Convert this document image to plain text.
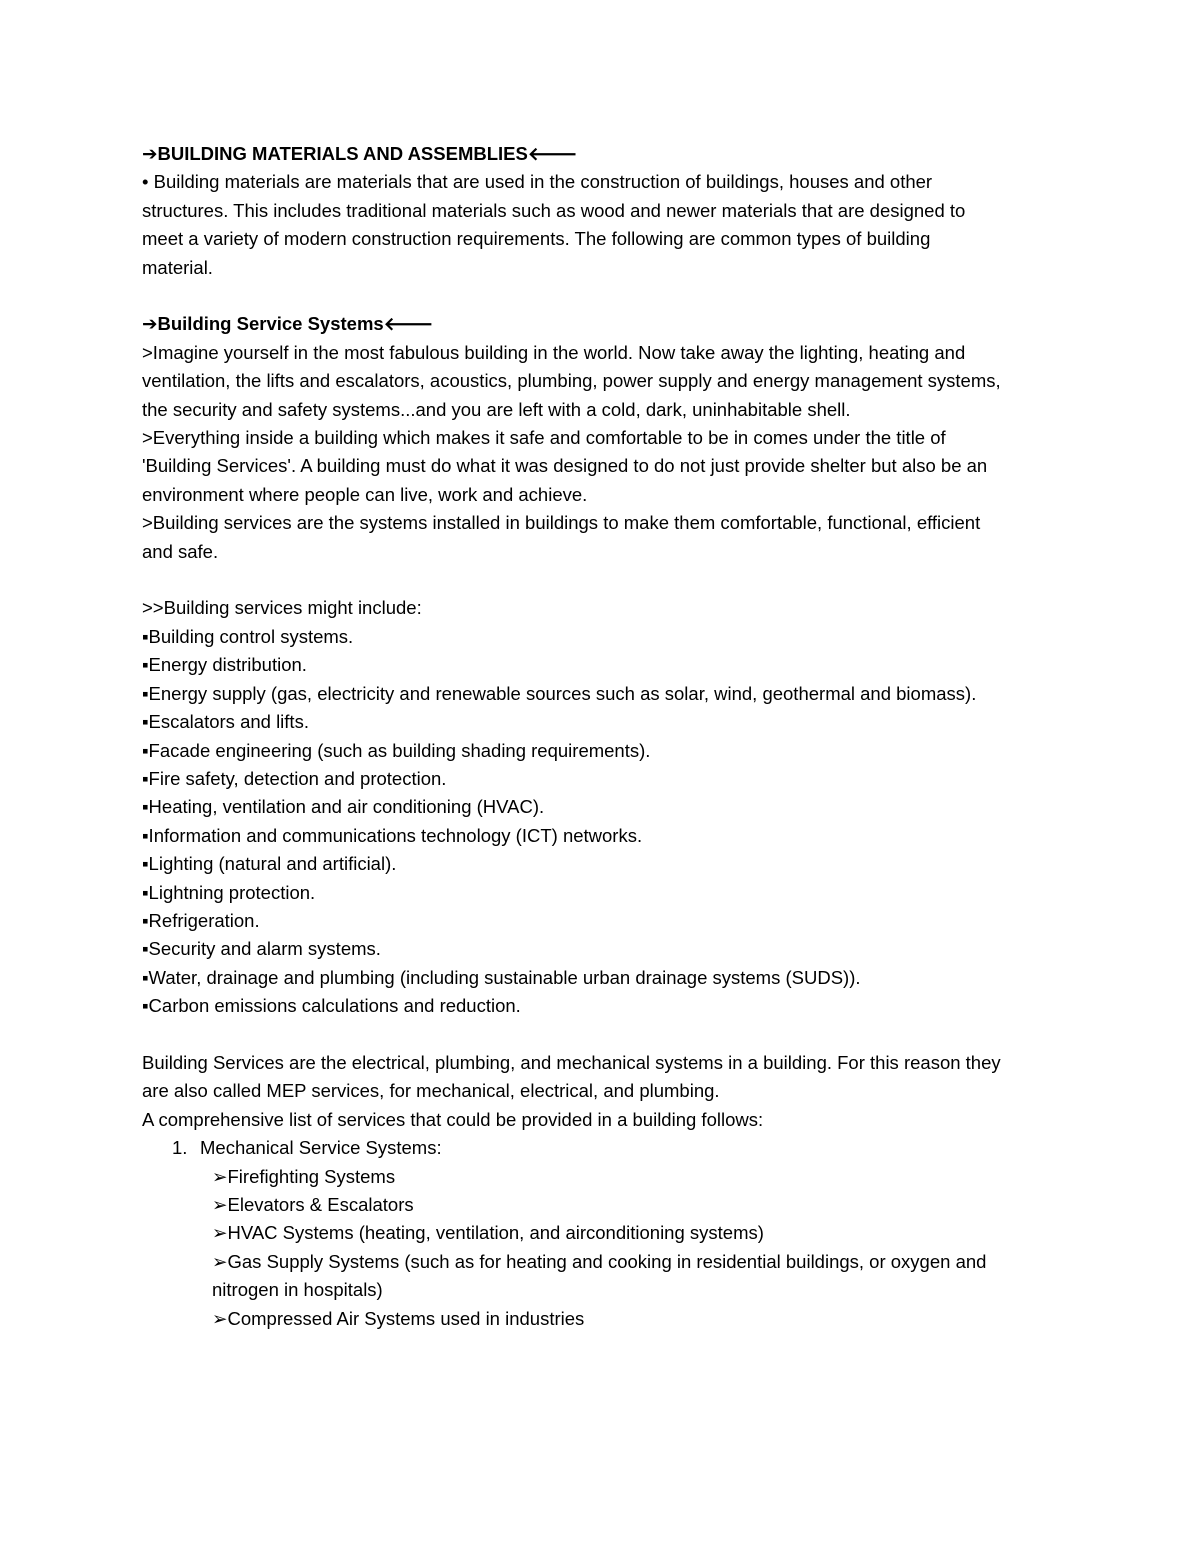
➔BUILDING MATERIALS AND ASSEMBLIES🡐
• Building materials are materials that are used in the construction of buildings, houses and other
structures. This includes traditional materials such as wood and newer materials that are designed to
meet a variety of modern construction requirements. The following are common types of building
material.
➔Building Service Systems🡐
>Imagine yourself in the most fabulous building in the world. Now take away the lighting, heating and
ventilation, the lifts and escalators, acoustics, plumbing, power supply and energy management systems,
the security and safety systems...and you are left with a cold, dark, uninhabitable shell.
>Everything inside a building which makes it safe and comfortable to be in comes under the title of
'Building Services'. A building must do what it was designed to do not just provide shelter but also be an
environment where people can live, work and achieve.
>Building services are the systems installed in buildings to make them comfortable, functional, efficient
and safe.
>>Building services might include:
▪Building control systems.
▪Energy distribution.
▪Energy supply (gas, electricity and renewable sources such as solar, wind, geothermal and biomass).
▪Escalators and lifts.
▪Facade engineering (such as building shading requirements).
▪Fire safety, detection and protection.
▪Heating, ventilation and air conditioning (HVAC).
▪Information and communications technology (ICT) networks.
▪Lighting (natural and artificial).
▪Lightning protection.
▪Refrigeration.
▪Security and alarm systems.
▪Water, drainage and plumbing (including sustainable urban drainage systems (SUDS)).
▪Carbon emissions calculations and reduction.
Building Services are the electrical, plumbing, and mechanical systems in a building. For this reason they
are also called MEP services, for mechanical, electrical, and plumbing.
A comprehensive list of services that could be provided in a building follows:
1. Mechanical Service Systems:
➢Firefighting Systems
➢Elevators & Escalators
➢HVAC Systems (heating, ventilation, and airconditioning systems)
➢Gas Supply Systems (such as for heating and cooking in residential buildings, or oxygen and
nitrogen in hospitals)
➢Compressed Air Systems used in industries
